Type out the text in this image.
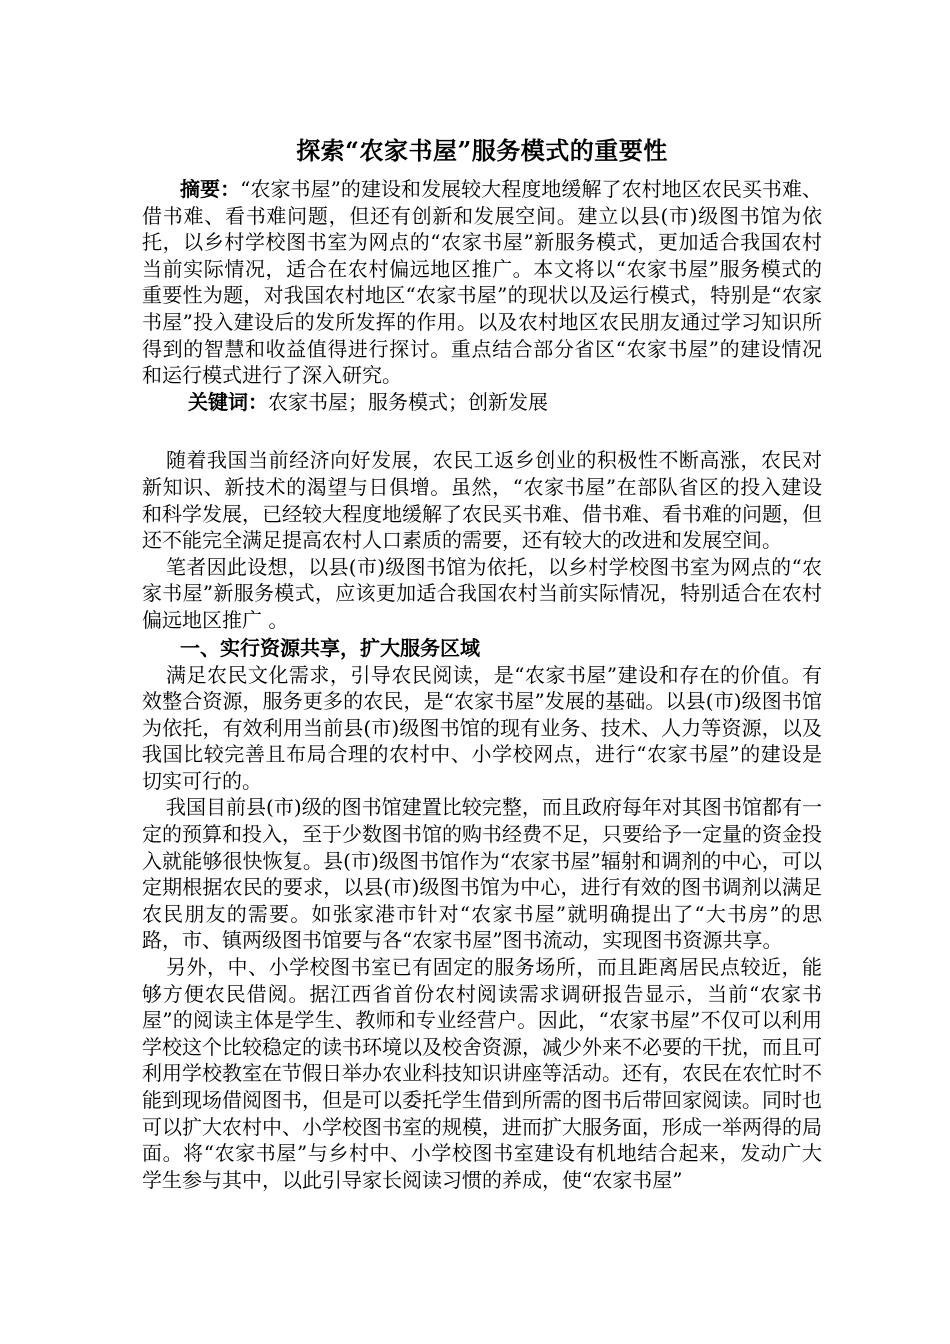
探索“农家书屋”服务模式的重要性

摘要：“农家书屋”的建设和发展较大程度地缓解了农村地区农民买书难、借书难、看书难问题，但还有创新和发展空间。建立以县(市)级图书馆为依托，以乡村学校图书室为网点的“农家书屋”新服务模式，更加适合我国农村当前实际情况，适合在农村偏远地区推广。本文将以“农家书屋”服务模式的重要性为题，对我国农村地区“农家书屋”的现状以及运行模式，特别是“农家书屋”投入建设后的发所发挥的作用。以及农村地区农民朋友通过学习知识所得到的智慧和收益值得进行探讨。重点结合部分省区“农家书屋”的建设情况和运行模式进行了深入研究。

关键词：农家书屋；服务模式；创新发展

随着我国当前经济向好发展，农民工返乡创业的积极性不断高涨，农民对新知识、新技术的渴望与日俱增。虽然，“农家书屋”在部队省区的投入建设和科学发展，已经较大程度地缓解了农民买书难、借书难、看书难的问题，但还不能完全满足提高农村人口素质的需要，还有较大的改进和发展空间。

笔者因此设想，以县(市)级图书馆为依托，以乡村学校图书室为网点的“农家书屋”新服务模式，应该更加适合我国农村当前实际情况，特别适合在农村偏远地区推广 。

一、实行资源共享，扩大服务区域

满足农民文化需求，引导农民阅读，是“农家书屋”建设和存在的价值。有效整合资源，服务更多的农民，是“农家书屋”发展的基础。以县(市)级图书馆为依托，有效利用当前县(市)级图书馆的现有业务、技术、人力等资源，以及我国比较完善且布局合理的农村中、小学校网点，进行“农家书屋”的建设是切实可行的。

我国目前县(市)级的图书馆建置比较完整，而且政府每年对其图书馆都有一定的预算和投入，至于少数图书馆的购书经费不足，只要给予一定量的资金投入就能够很快恢复。县(市)级图书馆作为“农家书屋”辐射和调剂的中心，可以定期根据农民的要求，以县(市)级图书馆为中心，进行有效的图书调剂以满足农民朋友的需要。如张家港市针对“农家书屋”就明确提出了“大书房”的思路，市、镇两级图书馆要与各“农家书屋”图书流动，实现图书资源共享。

另外，中、小学校图书室已有固定的服务场所，而且距离居民点较近，能够方便农民借阅。据江西省首份农村阅读需求调研报告显示，当前“农家书屋”的阅读主体是学生、教师和专业经营户。因此，“农家书屋”不仅可以利用学校这个比较稳定的读书环境以及校舍资源，减少外来不必要的干扰，而且可利用学校教室在节假日举办农业科技知识讲座等活动。还有，农民在农忙时不能到现场借阅图书，但是可以委托学生借到所需的图书后带回家阅读。同时也可以扩大农村中、小学校图书室的规模，进而扩大服务面，形成一举两得的局面。将“农家书屋”与乡村中、小学校图书室建设有机地结合起来，发动广大学生参与其中，以此引导家长阅读习惯的养成，使“农家书屋”
